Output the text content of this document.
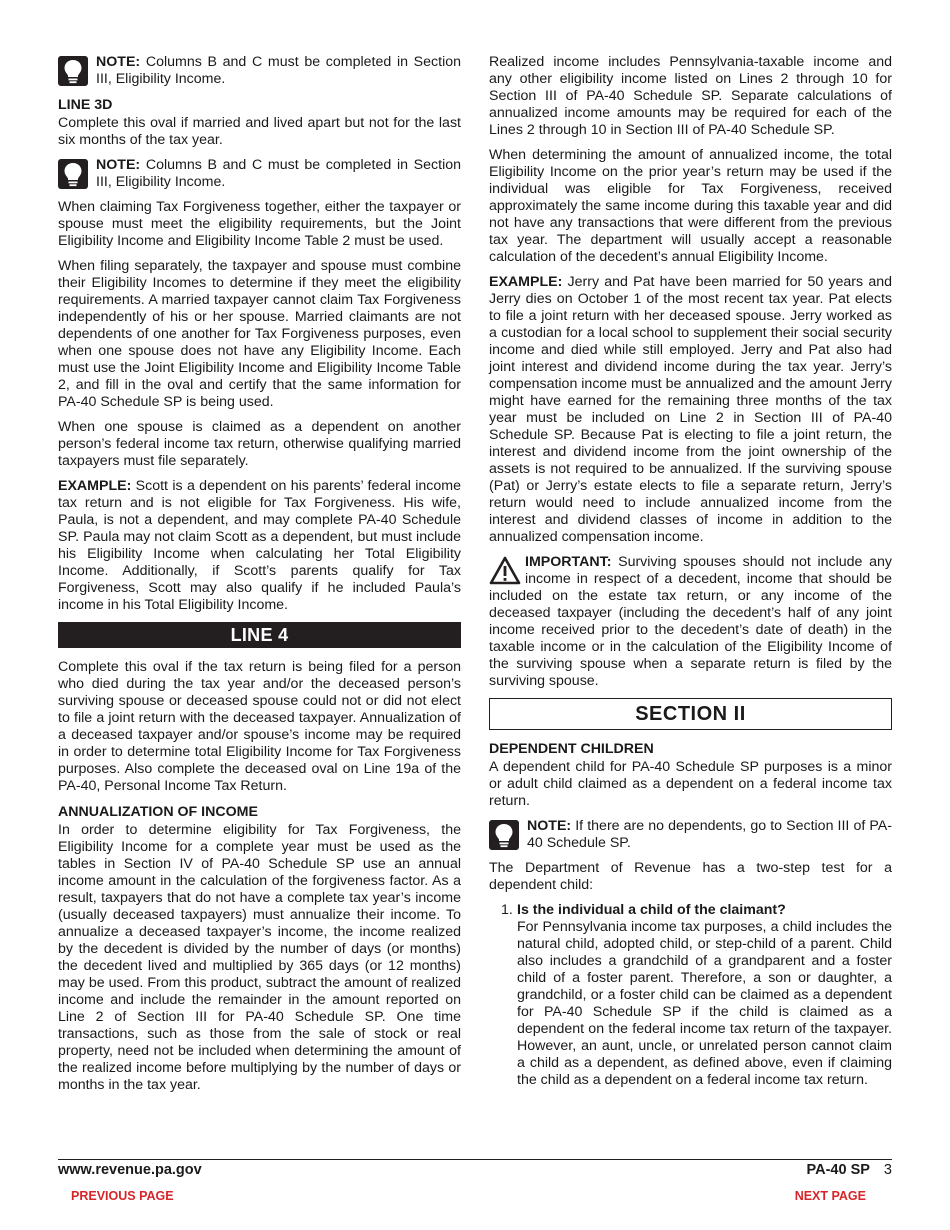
NOTE: Columns B and C must be completed in Section III, Eligibility Income.

LINE 3D

Complete this oval if married and lived apart but not for the last six months of the tax year.

NOTE: Columns B and C must be completed in Section III, Eligibility Income.

When claiming Tax Forgiveness together, either the taxpayer or spouse must meet the eligibility requirements, but the Joint Eligibility Income and Eligibility Income Table 2 must be used.

When filing separately, the taxpayer and spouse must combine their Eligibility Incomes to determine if they meet the eligibility requirements. A married taxpayer cannot claim Tax Forgiveness independently of his or her spouse. Married claimants are not dependents of one another for Tax Forgiveness purposes, even when one spouse does not have any Eligibility Income. Each must use the Joint Eligibility Income and Eligibility Income Table 2, and fill in the oval and certify that the same information for PA-40 Schedule SP is being used.

When one spouse is claimed as a dependent on another person’s federal income tax return, otherwise qualifying married taxpayers must file separately.

EXAMPLE: Scott is a dependent on his parents’ federal income tax return and is not eligible for Tax Forgiveness. His wife, Paula, is not a dependent, and may complete PA-40 Schedule SP. Paula may not claim Scott as a dependent, but must include his Eligibility Income when calculating her Total Eligibility Income. Additionally, if Scott’s parents qualify for Tax Forgiveness, Scott may also qualify if he included Paula’s income in his Total Eligibility Income.

LINE 4

Complete this oval if the tax return is being filed for a person who died during the tax year and/or the deceased person’s surviving spouse or deceased spouse could not or did not elect to file a joint return with the deceased taxpayer. Annualization of a deceased taxpayer and/or spouse’s income may be required in order to determine total Eligibility Income for Tax Forgiveness purposes. Also complete the deceased oval on Line 19a of the PA-40, Personal Income Tax Return.

ANNUALIZATION OF INCOME

In order to determine eligibility for Tax Forgiveness, the Eligibility Income for a complete year must be used as the tables in Section IV of PA-40 Schedule SP use an annual income amount in the calculation of the forgiveness factor. As a result, taxpayers that do not have a complete tax year’s income (usually deceased taxpayers) must annualize their income. To annualize a deceased taxpayer’s income, the income realized by the decedent is divided by the number of days (or months) the decedent lived and multiplied by 365 days (or 12 months) may be used. From this product, subtract the amount of realized income and include the remainder in the amount reported on Line 2 of Section III for PA-40 Schedule SP. One time transactions, such as those from the sale of stock or real property, need not be included when determining the amount of the realized income before multiplying by the number of days or months in the tax year.

Realized income includes Pennsylvania-taxable income and any other eligibility income listed on Lines 2 through 10 for Section III of PA-40 Schedule SP. Separate calculations of annualized income amounts may be required for each of the Lines 2 through 10 in Section III of PA-40 Schedule SP.

When determining the amount of annualized income, the total Eligibility Income on the prior year’s return may be used if the individual was eligible for Tax Forgiveness, received approximately the same income during this taxable year and did not have any transactions that were different from the previous tax year. The department will usually accept a reasonable calculation of the decedent’s annual Eligibility Income.

EXAMPLE: Jerry and Pat have been married for 50 years and Jerry dies on October 1 of the most recent tax year. Pat elects to file a joint return with her deceased spouse. Jerry worked as a custodian for a local school to supplement their social security income and died while still employed. Jerry and Pat also had joint interest and dividend income during the tax year. Jerry’s compensation income must be annualized and the amount Jerry might have earned for the remaining three months of the tax year must be included on Line 2 in Section III of PA-40 Schedule SP. Because Pat is electing to file a joint return, the interest and dividend income from the joint ownership of the assets is not required to be annualized. If the surviving spouse (Pat) or Jerry’s estate elects to file a separate return, Jerry’s return would need to include annualized income from the interest and dividend classes of income in addition to the annualized compensation income.

IMPORTANT: Surviving spouses should not include any income in respect of a decedent, income that should be included on the estate tax return, or any income of the deceased taxpayer (including the decedent’s half of any joint income received prior to the decedent’s date of death) in the taxable income or in the calculation of the Eligibility Income of the surviving spouse when a separate return is filed by the surviving spouse.
SECTION II
DEPENDENT CHILDREN

A dependent child for PA-40 Schedule SP purposes is a minor or adult child claimed as a dependent on a federal income tax return.

NOTE: If there are no dependents, go to Section III of PA-40 Schedule SP.

The Department of Revenue has a two-step test for a dependent child:

1. Is the individual a child of the claimant?
For Pennsylvania income tax purposes, a child includes the natural child, adopted child, or step-child of a parent. Child also includes a grandchild of a grandparent and a foster child of a foster parent. Therefore, a son or daughter, a grandchild, or a foster child can be claimed as a dependent for PA-40 Schedule SP if the child is claimed as a dependent on the federal income tax return of the taxpayer. However, an aunt, uncle, or unrelated person cannot claim a child as a dependent, as defined above, even if claiming the child as a dependent on a federal income tax return.
www.revenue.pa.gov	PA-40 SP 3
PREVIOUS PAGE	NEXT PAGE
